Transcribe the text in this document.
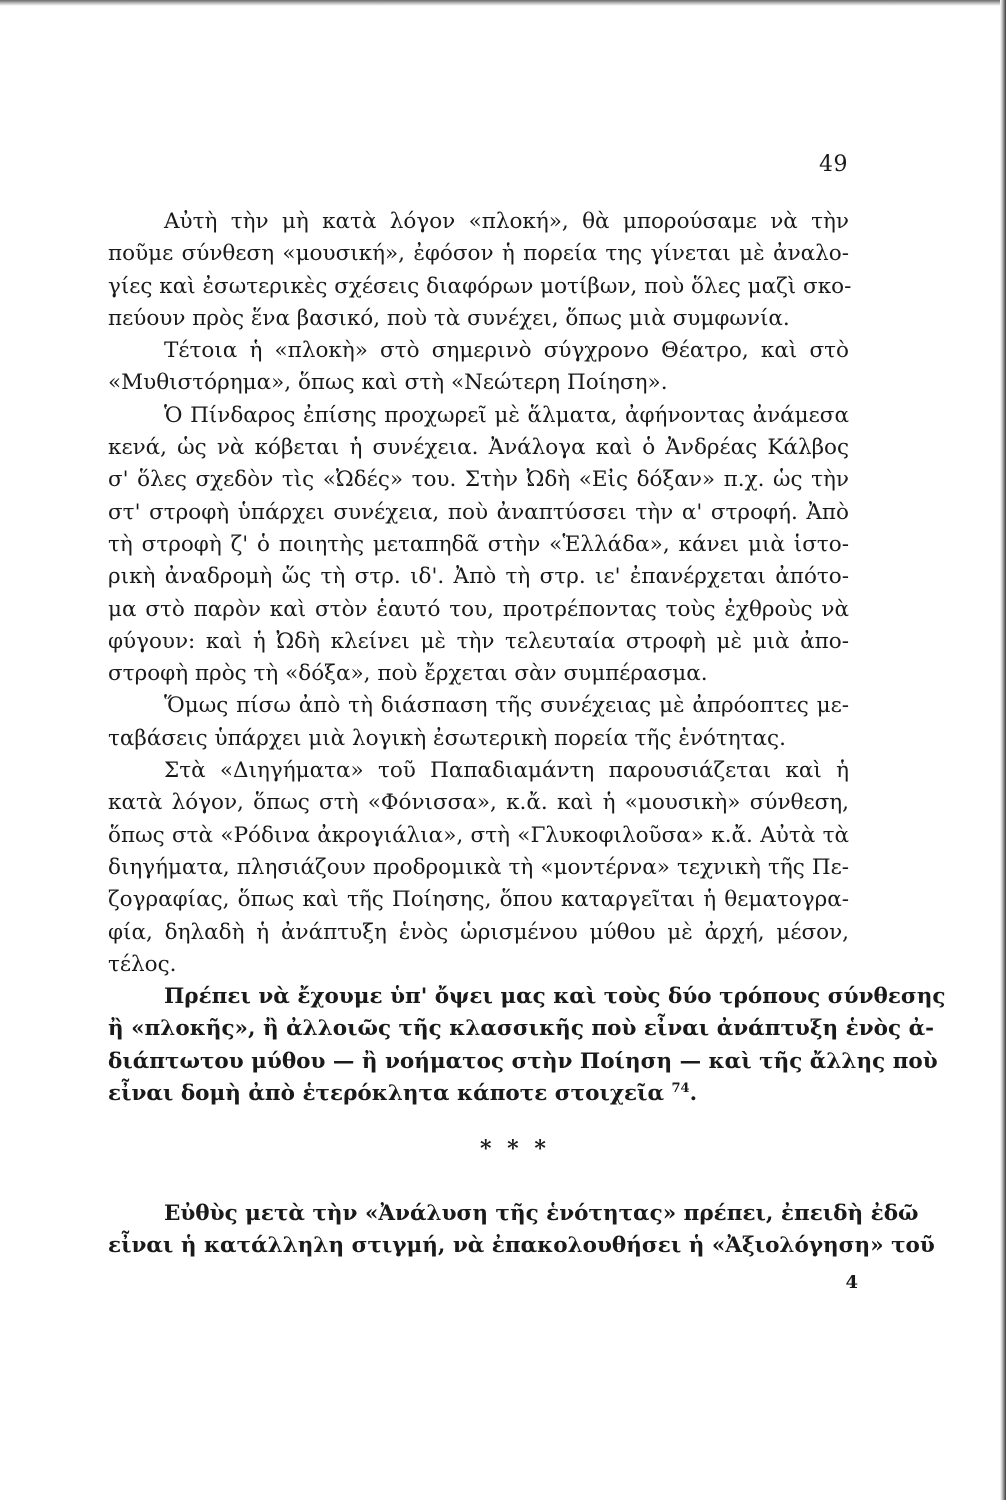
49
Αὐτὴ τὴν μὴ κατὰ λόγον «πλοκή», θὰ μπορούσαμε νὰ τὴν
ποῦμε σύνθεση «μουσική», ἐφόσον ἡ πορεία της γίνεται μὲ ἀναλο-
γίες καὶ ἐσωτερικὲς σχέσεις διαφόρων μοτίβων, ποὺ ὅλες μαζὶ σκο-
πεύουν πρὸς ἕνα βασικό, ποὺ τὰ συνέχει, ὅπως μιὰ συμφωνία.
Τέτοια ἡ «πλοκὴ» στὸ σημερινὸ σύγχρονο Θέατρο, καὶ στὸ
«Μυθιστόρημα», ὅπως καὶ στὴ «Νεώτερη Ποίηση».
Ὁ Πίνδαρος ἐπίσης προχωρεῖ μὲ ἅλματα, ἀφήνοντας ἀνάμεσα
κενά, ὡς νὰ κόβεται ἡ συνέχεια. Ἀνάλογα καὶ ὁ Ἀνδρέας Κάλβος
σ' ὅλες σχεδὸν τὶς «Ὠδές» του. Στὴν Ὠδὴ «Εἰς δόξαν» π.χ. ὡς τὴν
στ' στροφὴ ὑπάρχει συνέχεια, ποὺ ἀναπτύσσει τὴν α' στροφή. Ἀπὸ
τὴ στροφὴ ζ' ὁ ποιητὴς μεταπηδᾶ στὴν «Ἑλλάδα», κάνει μιὰ ἱστο-
ρικὴ ἀναδρομὴ ὥς τὴ στρ. ιδ'. Ἀπὸ τὴ στρ. ιε' ἐπανέρχεται ἀπότο-
μα στὸ παρὸν καὶ στὸν ἑαυτό του, προτρέποντας τοὺς ἐχθροὺς νὰ
φύγουν: καὶ ἡ Ὠδὴ κλείνει μὲ τὴν τελευταία στροφὴ μὲ μιὰ ἀπο-
στροφὴ πρὸς τὴ «δόξα», ποὺ ἔρχεται σὰν συμπέρασμα.
Ὅμως πίσω ἀπὸ τὴ διάσπαση τῆς συνέχειας μὲ ἀπρόοπτες με-
ταβάσεις ὑπάρχει μιὰ λογικὴ ἐσωτερικὴ πορεία τῆς ἑνότητας.
Στὰ «Διηγήματα» τοῦ Παπαδιαμάντη παρουσιάζεται καὶ ἡ
κατὰ λόγον, ὅπως στὴ «Φόνισσα», κ.ἄ. καὶ ἡ «μουσικὴ» σύνθεση,
ὅπως στὰ «Ρόδινα ἀκρογιάλια», στὴ «Γλυκοφιλοῦσα» κ.ἄ. Αὐτὰ τὰ
διηγήματα, πλησιάζουν προδρομικὰ τὴ «μοντέρνα» τεχνικὴ τῆς Πε-
ζογραφίας, ὅπως καὶ τῆς Ποίησης, ὅπου καταργεῖται ἡ θεματογρα-
φία, δηλαδὴ ἡ ἀνάπτυξη ἑνὸς ὡρισμένου μύθου μὲ ἀρχή, μέσον,
τέλος.
Πρέπει νὰ ἔχουμε ὑπ' ὄψει μας καὶ τοὺς δύο τρόπους σύνθεσης
ἢ «πλοκῆς», ἢ ἀλλοιῶς τῆς κλασσικῆς ποὺ εἶναι ἀνάπτυξη ἑνὸς ἀ-
διάπτωτου μύθου — ἢ νοήματος στὴν Ποίηση — καὶ τῆς ἄλλης ποὺ
εἶναι δομὴ ἀπὸ ἑτερόκλητα κάποτε στοιχεῖα $^{74}$.
* * *
Εὐθὺς μετὰ τὴν «Ἀνάλυση τῆς ἑνότητας» πρέπει, ἐπειδὴ ἐδῶ
εἶναι ἡ κατάλληλη στιγμή, νὰ ἐπακολουθήσει ἡ «Ἀξιολόγηση» τοῦ
4
